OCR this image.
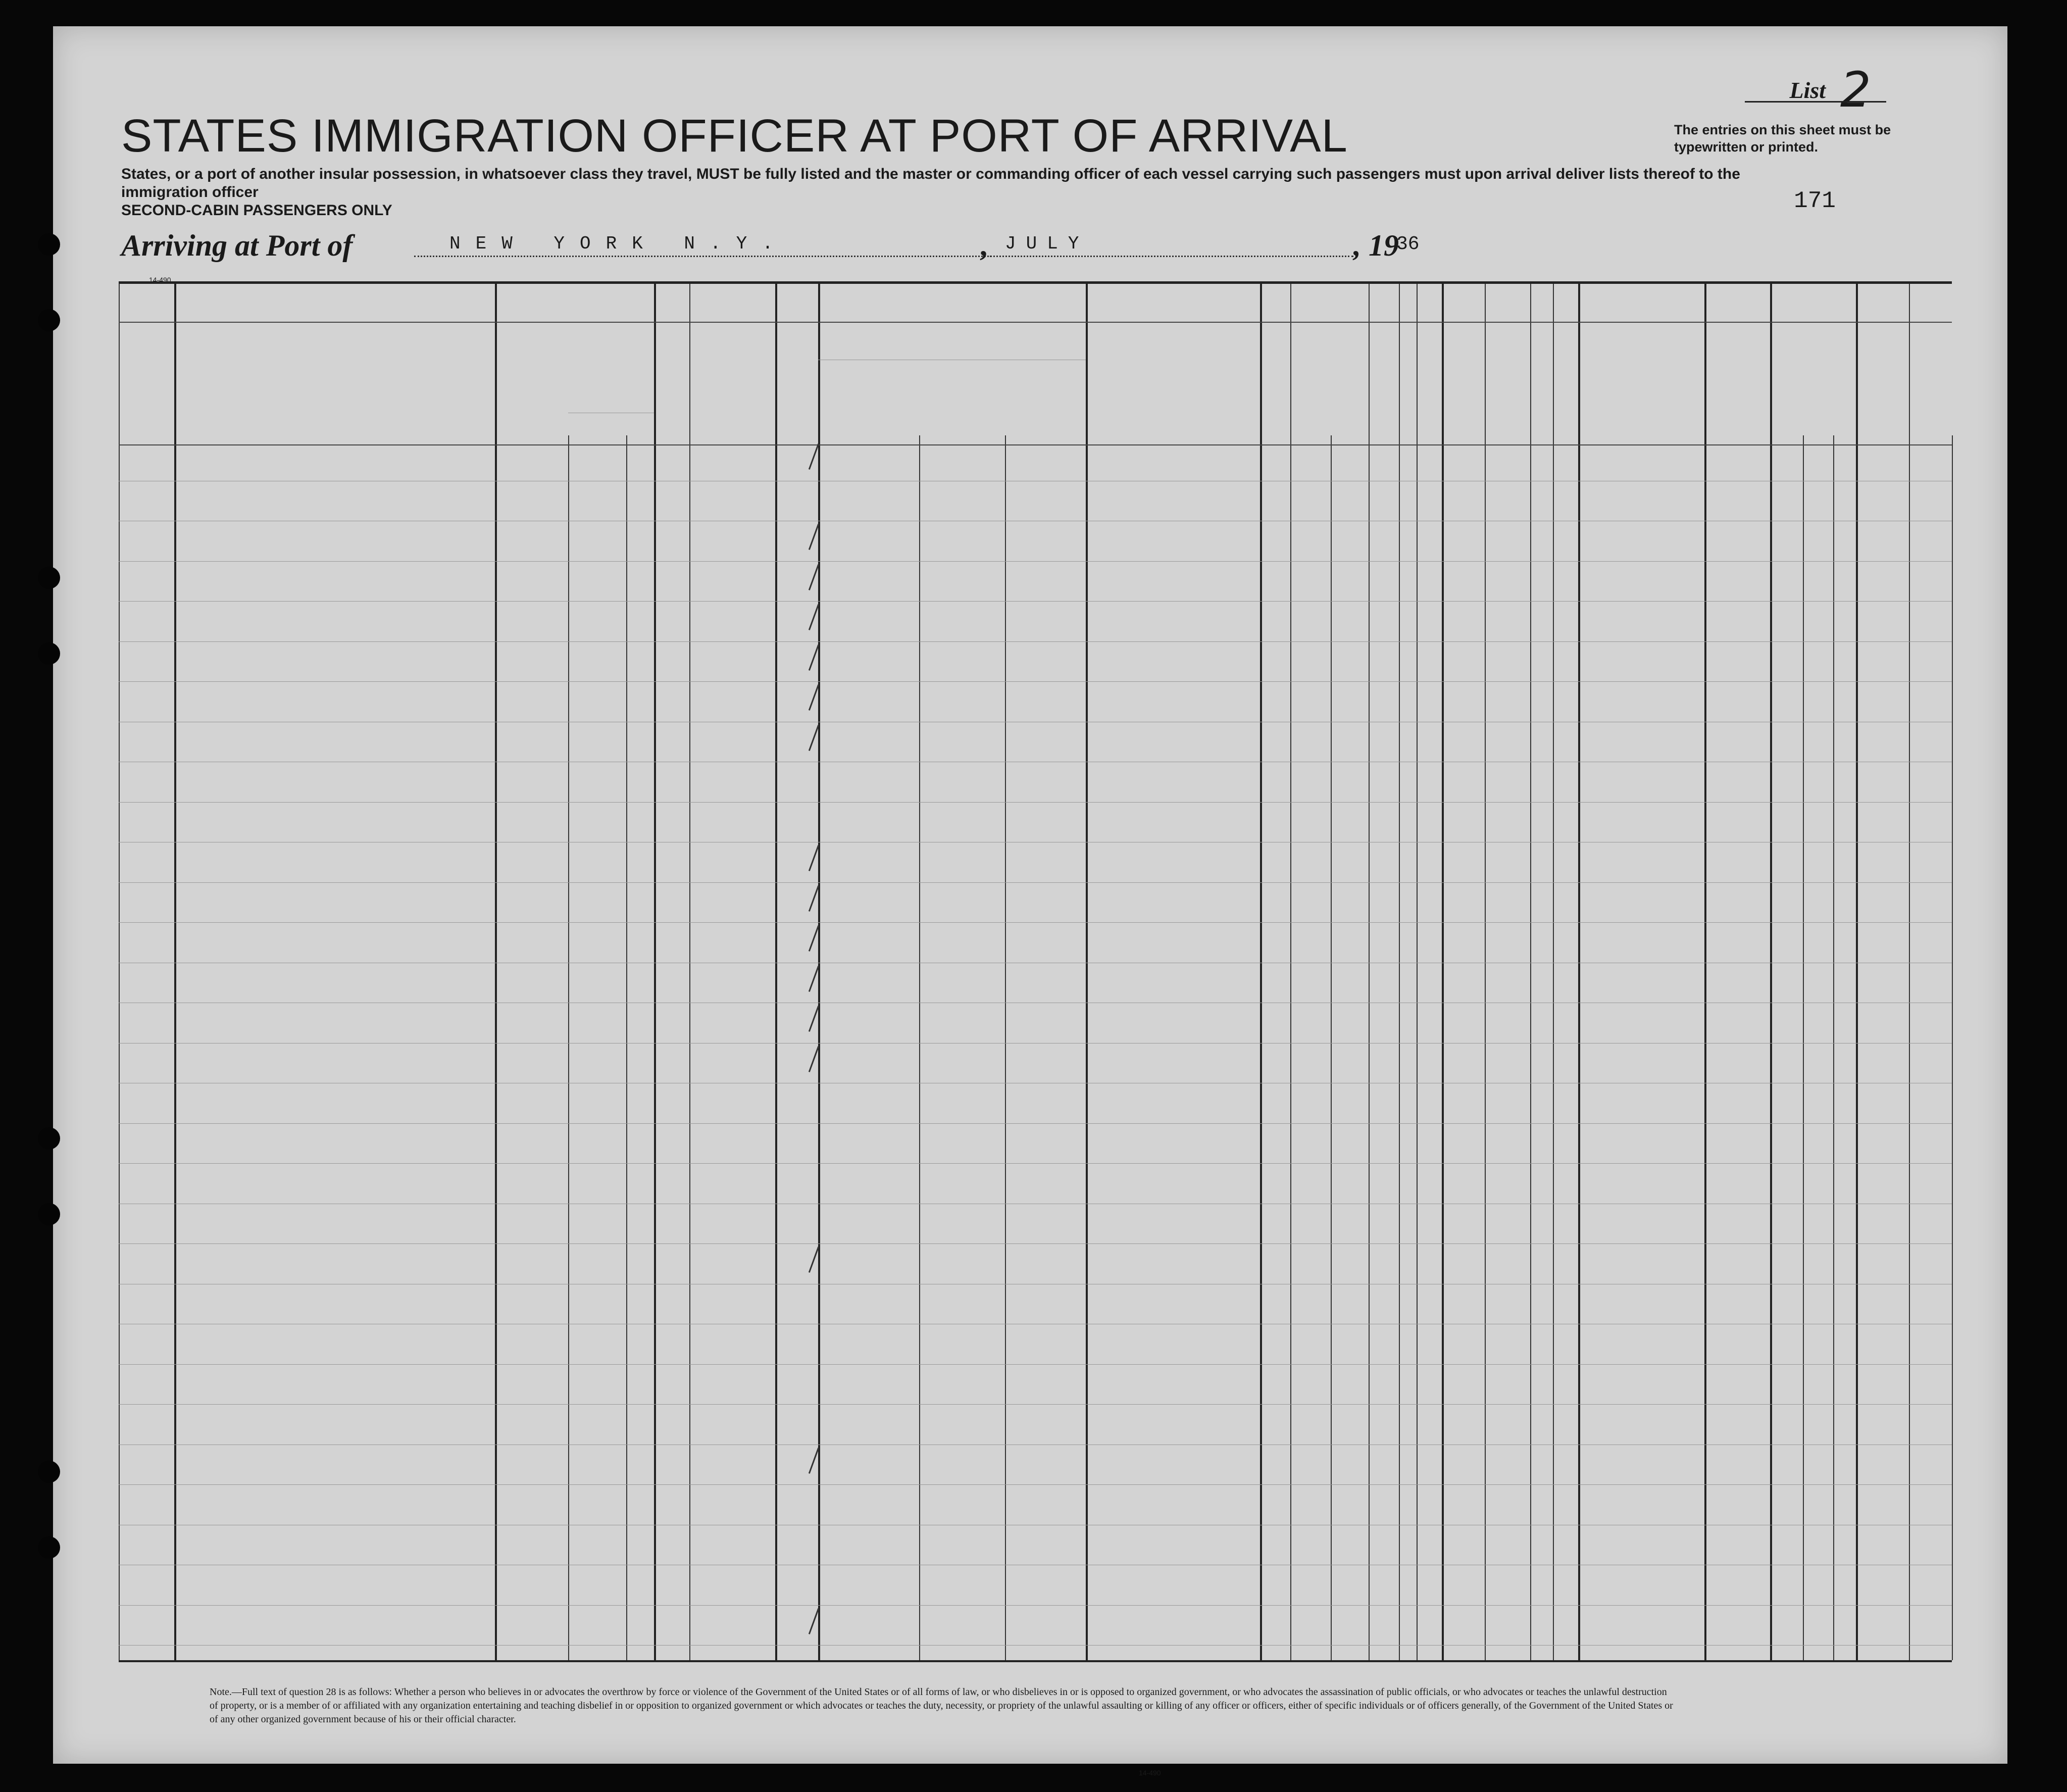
List 2
STATES IMMIGRATION OFFICER AT PORT OF ARRIVAL	The entries on this sheet must be typewritten or printed.
States, or a port of another insular possession, in whatsoever class they travel, MUST be fully listed and the master or commanding officer of each vessel carrying such passengers must upon arrival deliver lists thereof to the immigration officer
SECOND-CABIN PASSENGERS ONLY	171
Arriving at Port of	NEW YORK N.Y.	, JULY	, 19
36
14-490
Note.—Full text of question 28 is as follows: Whether a person who believes in or advocates the overthrow by force or violence of the Government of the United States or of all forms of law, or who disbelieves in or is opposed to organized government, or who advocates the assassination of public officials, or who advocates or teaches the unlawful destruction of property, or is a member of or affiliated with any organization entertaining and teaching disbelief in or opposition to organized government or which advocates or teaches the duty, necessity, or propriety of the unlawful assaulting or killing of any officer or officers, either of specific individuals or of officers generally, of the Government of the United States or of any other organized government because of his or their official character.
14-490
